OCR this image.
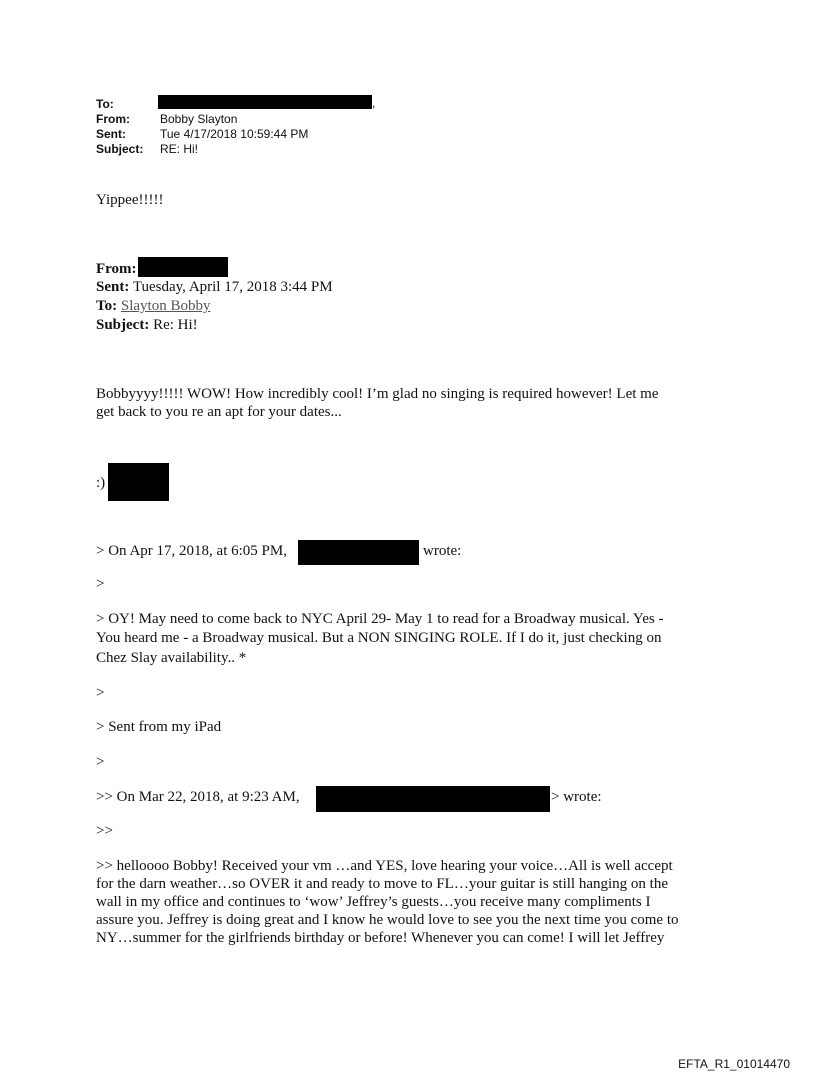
To:	,
From:	Bobby Slayton
Sent:	Tue 4/17/2018 10:59:44 PM
Subject: RE: Hi!
Yippee!!!!!
From:
Sent: Tuesday, April 17, 2018 3:44 PM
To: Slayton Bobby
Subject: Re: Hi!
Bobbyyyy!!!!! WOW! How incredibly cool! I’m glad no singing is required however! Let me
get back to you re an apt for your dates...
:)
> On Apr 17, 2018, at 6:05 PM,	wrote:
>
> OY! May need to come back to NYC April 29- May 1 to read for a Broadway musical. Yes -
You heard me - a Broadway musical. But a NON SINGING ROLE. If I do it, just checking on
Chez Slay availability.. *
>
> Sent from my iPad
>
>> On Mar 22, 2018, at 9:23 AM,	> wrote:
>>
>> helloooo Bobby! Received your vm …and YES, love hearing your voice…All is well accept
for the darn weather…so OVER it and ready to move to FL…your guitar is still hanging on the
wall in my office and continues to ‘wow’ Jeffrey’s guests…you receive many compliments I
assure you. Jeffrey is doing great and I know he would love to see you the next time you come to
NY…summer for the girlfriends birthday or before! Whenever you can come! I will let Jeffrey
EFTA_R1_01014470
